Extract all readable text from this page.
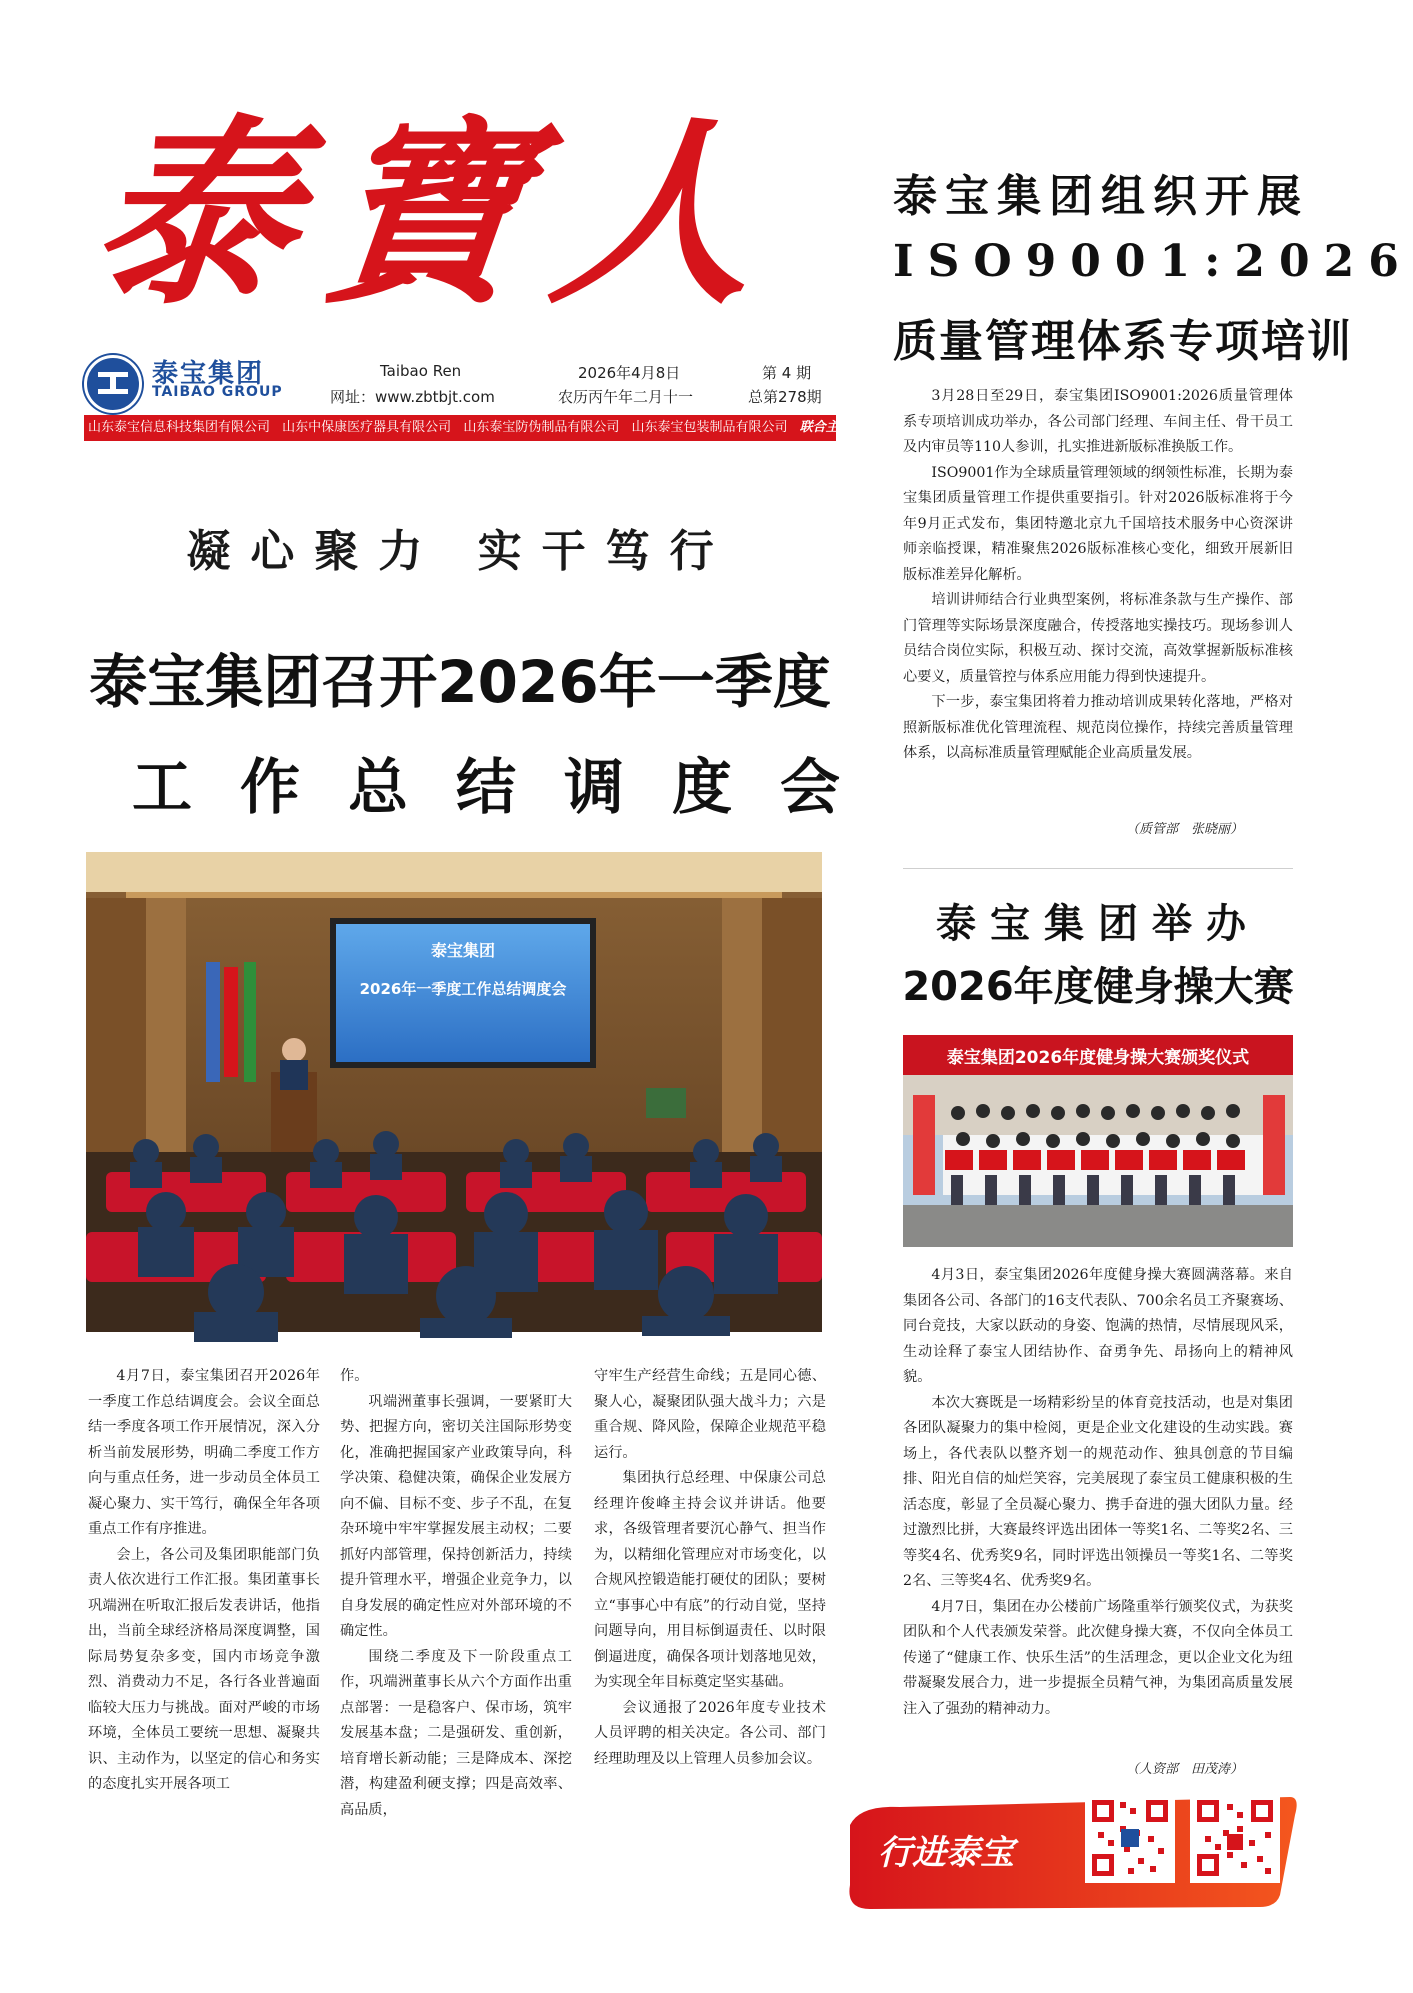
泰寶人
泰宝集团
TAIBAO GROUP
Taibao Ren
网址：www.zbtbjt.com
2026年4月8日
农历丙午年二月十一
第 4 期
总第278期
山东泰宝信息科技集团有限公司 山东中保康医疗器具有限公司 山东泰宝防伪制品有限公司 山东泰宝包装制品有限公司 联合主办
凝心聚力 实干笃行
泰宝集团召开2026年一季度
工作总结调度会
泰宝集团
2026年一季度工作总结调度会

4月7日，泰宝集团召开2026年一季度工作总结调度会。会议全面总结一季度各项工作开展情况，深入分析当前发展形势，明确二季度工作方向与重点任务，进一步动员全体员工凝心聚力、实干笃行，确保全年各项重点工作有序推进。

会上，各公司及集团职能部门负责人依次进行工作汇报。集团董事长巩端洲在听取汇报后发表讲话，他指出，当前全球经济格局深度调整，国际局势复杂多变，国内市场竞争激烈、消费动力不足，各行各业普遍面临较大压力与挑战。面对严峻的市场环境，全体员工要统一思想、凝聚共识、主动作为，以坚定的信心和务实的态度扎实开展各项工

作。

巩端洲董事长强调，一要紧盯大势、把握方向，密切关注国际形势变化，准确把握国家产业政策导向，科学决策、稳健决策，确保企业发展方向不偏、目标不变、步子不乱，在复杂环境中牢牢掌握发展主动权；二要抓好内部管理，保持创新活力，持续提升管理水平，增强企业竞争力，以自身发展的确定性应对外部环境的不确定性。

围绕二季度及下一阶段重点工作，巩端洲董事长从六个方面作出重点部署：一是稳客户、保市场，筑牢发展基本盘；二是强研发、重创新，培育增长新动能；三是降成本、深挖潜，构建盈利硬支撑；四是高效率、高品质，

守牢生产经营生命线；五是同心德、聚人心，凝聚团队强大战斗力；六是重合规、降风险，保障企业规范平稳运行。

集团执行总经理、中保康公司总经理许俊峰主持会议并讲话。他要求，各级管理者要沉心静气、担当作为，以精细化管理应对市场变化，以合规风控锻造能打硬仗的团队；要树立“事事心中有底”的行动自觉，坚持问题导向，用目标倒逼责任、以时限倒逼进度，确保各项计划落地见效，为实现全年目标奠定坚实基础。

会议通报了2026年度专业技术人员评聘的相关决定。各公司、部门经理助理及以上管理人员参加会议。

泰宝集团组织开展
ISO9001:2026
质量管理体系专项培训

3月28日至29日，泰宝集团ISO9001:2026质量管理体系专项培训成功举办，各公司部门经理、车间主任、骨干员工及内审员等110人参训，扎实推进新版标准换版工作。

ISO9001作为全球质量管理领域的纲领性标准，长期为泰宝集团质量管理工作提供重要指引。针对2026版标准将于今年9月正式发布，集团特邀北京九千国培技术服务中心资深讲师亲临授课，精准聚焦2026版标准核心变化，细致开展新旧版标准差异化解析。

培训讲师结合行业典型案例，将标准条款与生产操作、部门管理等实际场景深度融合，传授落地实操技巧。现场参训人员结合岗位实际，积极互动、探讨交流，高效掌握新版标准核心要义，质量管控与体系应用能力得到快速提升。

下一步，泰宝集团将着力推动培训成果转化落地，严格对照新版标准优化管理流程、规范岗位操作，持续完善质量管理体系，以高标准质量管理赋能企业高质量发展。

（质管部　张晓丽）
泰宝集团举办
2026年度健身操大赛
泰宝集团2026年度健身操大赛颁奖仪式

4月3日，泰宝集团2026年度健身操大赛圆满落幕。来自集团各公司、各部门的16支代表队、700余名员工齐聚赛场、同台竞技，大家以跃动的身姿、饱满的热情，尽情展现风采，生动诠释了泰宝人团结协作、奋勇争先、昂扬向上的精神风貌。

本次大赛既是一场精彩纷呈的体育竞技活动，也是对集团各团队凝聚力的集中检阅，更是企业文化建设的生动实践。赛场上，各代表队以整齐划一的规范动作、独具创意的节目编排、阳光自信的灿烂笑容，完美展现了泰宝员工健康积极的生活态度，彰显了全员凝心聚力、携手奋进的强大团队力量。经过激烈比拼，大赛最终评选出团体一等奖1名、二等奖2名、三等奖4名、优秀奖9名，同时评选出领操员一等奖1名、二等奖2名、三等奖4名、优秀奖9名。

4月7日，集团在办公楼前广场隆重举行颁奖仪式，为获奖团队和个人代表颁发荣誉。此次健身操大赛，不仅向全体员工传递了“健康工作、快乐生活”的生活理念，更以企业文化为纽带凝聚发展合力，进一步提振全员精气神，为集团高质量发展注入了强劲的精神动力。

（人资部　田茂涛）
行进泰宝
